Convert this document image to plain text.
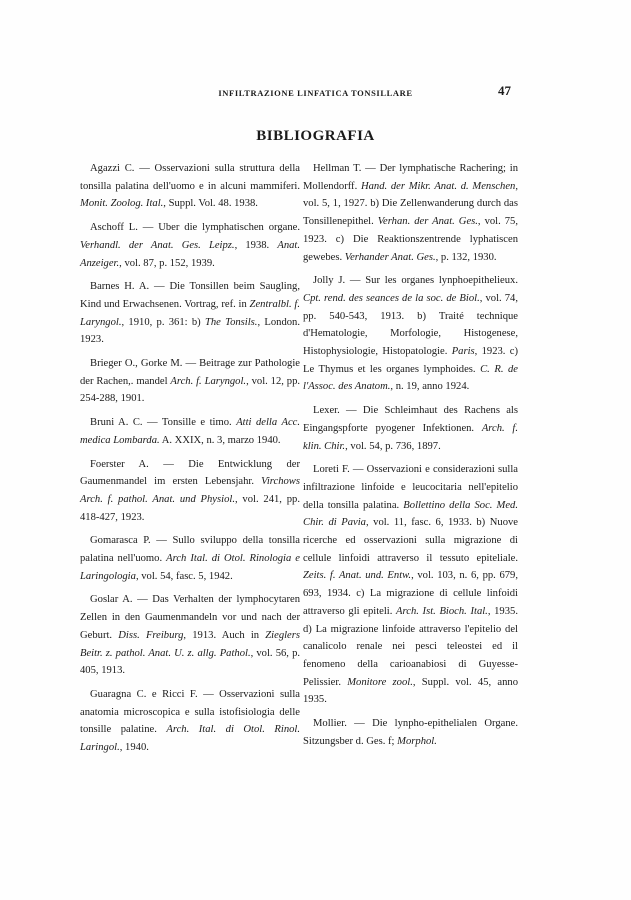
INFILTRAZIONE LINFATICA TONSILLARE	47
BIBLIOGRAFIA

Agazzi C. — Osservazioni sulla struttura della tonsilla palatina dell'uomo e in alcuni mammiferi. Monit. Zoolog. Ital., Suppl. Vol. 48. 1938.

Aschoff L. — Uber die lymphatischen organe. Verhandl. der Anat. Ges. Leipz., 1938. Anat. Anzeiger., vol. 87, p. 152, 1939.

Barnes H. A. — Die Tonsillen beim Saugling, Kind und Erwachsenen. Vortrag, ref. in Zentralbl. f. Laryngol., 1910, p. 361: b) The Tonsils., London. 1923.

Brieger O., Gorke M. — Beitrage zur Pathologie der Rachen,. mandel Arch. f. Laryngol., vol. 12, pp. 254-288, 1901.

Bruni A. C. — Tonsille e timo. Atti della Acc. medica Lombarda. A. XXIX, n. 3, marzo 1940.

Foerster A. — Die Entwicklung der Gaumenmandel im ersten Lebensjahr. Virchows Arch. f. pathol. Anat. und Physiol., vol. 241, pp. 418-427, 1923.

Gomarasca P. — Sullo sviluppo della tonsilla palatina nell'uomo. Arch Ital. di Otol. Rinologia e Laringologia, vol. 54, fasc. 5, 1942.

Goslar A. — Das Verhalten der lymphocytaren Zellen in den Gaumenmandeln vor und nach der Geburt. Diss. Freiburg, 1913. Auch in Zieglers Beitr. z. pathol. Anat. U. z. allg. Pathol., vol. 56, p. 405, 1913.

Guaragna C. e Ricci F. — Osservazioni sulla anatomia microscopica e sulla istofisiologia delle tonsille palatine. Arch. Ital. di Otol. Rinol. Laringol., 1940.

Hellman T. — Der lymphatische Rachering; in Mollendorff. Hand. der Mikr. Anat. d. Menschen, vol. 5, 1, 1927. b) Die Zellenwanderung durch das Tonsillenepithel. Verhan. der Anat. Ges., vol. 75, 1923. c) Die Reaktionszentrende lyphatiscen gewebes. Verhander Anat. Ges., p. 132, 1930.

Jolly J. — Sur les organes lynphoepithelieux. Cpt. rend. des seances de la soc. de Biol., vol. 74, pp. 540-543, 1913. b) Traité technique d'Hematologie, Morfologie, Histogenese, Histophysiologie, Histopatologie. Paris, 1923. c) Le Thymus et les organes lymphoides. C. R. de l'Assoc. des Anatom., n. 19, anno 1924.

Lexer. — Die Schleimhaut des Rachens als Eingangspforte pyogener Infektionen. Arch. f. klin. Chir., vol. 54, p. 736, 1897.

Loreti F. — Osservazioni e considerazioni sulla infiltrazione linfoide e leucocitaria nell'epitelio della tonsilla palatina. Bollettino della Soc. Med. Chir. di Pavia, vol. 11, fasc. 6, 1933. b) Nuove ricerche ed osservazioni sulla migrazione di cellule linfoidi attraverso il tessuto epiteliale. Zeits. f. Anat. und. Entw., vol. 103, n. 6, pp. 679, 693, 1934. c) La migrazione di cellule linfoidi attraverso gli epiteli. Arch. Ist. Bioch. Ital., 1935. d) La migrazione linfoide attraverso l'epitelio del canalicolo renale nei pesci teleostei ed il fenomeno della carioanabiosi di Guyesse-Pelissier. Monitore zool., Suppl. vol. 45, anno 1935.

Mollier. — Die lynpho-epithelialen Organe. Sitzungsber d. Ges. f; Morphol.
